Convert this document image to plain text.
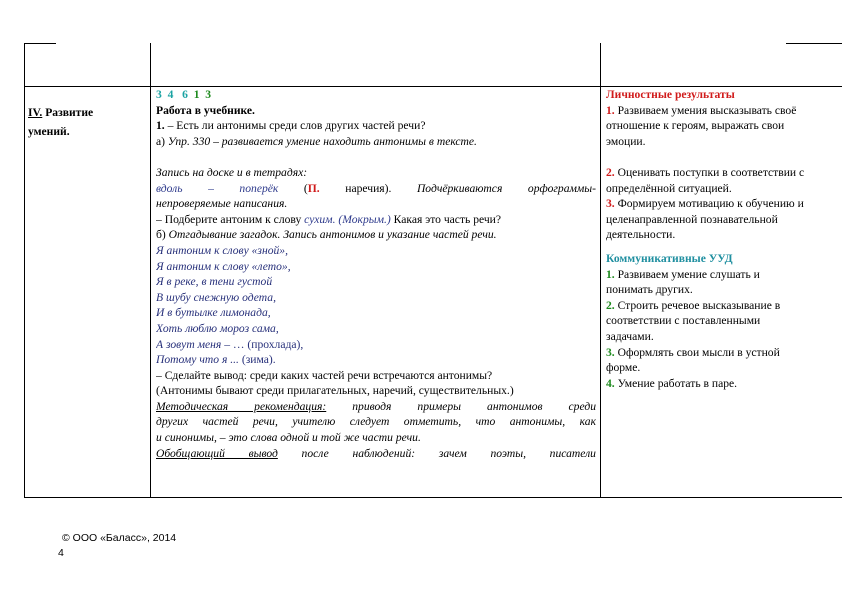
IV. Развитие

умений.

3 4 6 1 3

Работа в учебнике.

1. – Есть ли антонимы среди слов других частей речи?

а) Упр. 330 – развивается умение находить антонимы в тексте.

Запись на доске и в тетрадях:

вдоль – поперёк (П. наречия). Подчёркиваются орфограммы-

непроверяемые написания.

– Подберите антоним к слову сухим. (Мокрым.) Какая это часть речи?

б) Отгадывание загадок. Запись антонимов и указание частей речи.

Я антоним к слову «зной»,

Я антоним к слову «лето»,

Я в реке, в тени густой

В шубу снежную одета,

И в бутылке лимонада,

Хоть люблю мороз сама,

А зовут меня – … (прохлада),

Потому что я ... (зима).

– Сделайте вывод: среди каких частей речи встречаются антонимы?

(Антонимы бывают среди прилагательных, наречий, существительных.)

Методическая рекомендация: приводя примеры антонимов среди

других частей речи, учителю следует отметить, что антонимы, как

и синонимы, – это слова одной и той же части речи.

Обобщающий вывод после наблюдений: зачем поэты, писатели

Личностные результаты

1. Развиваем умения высказывать своё

отношение к героям, выражать свои

эмоции.

2. Оценивать поступки в соответствии с

определённой ситуацией.

3. Формируем мотивацию к обучению и

целенаправленной познавательной

деятельности.

Коммуникативные УУД

1. Развиваем умение слушать и

понимать других.

2. Строить речевое высказывание в

соответствии с поставленными

задачами.

3. Оформлять свои мысли в устной

форме.

4. Умение работать в паре.

© ООО «Баласс», 2014
4
